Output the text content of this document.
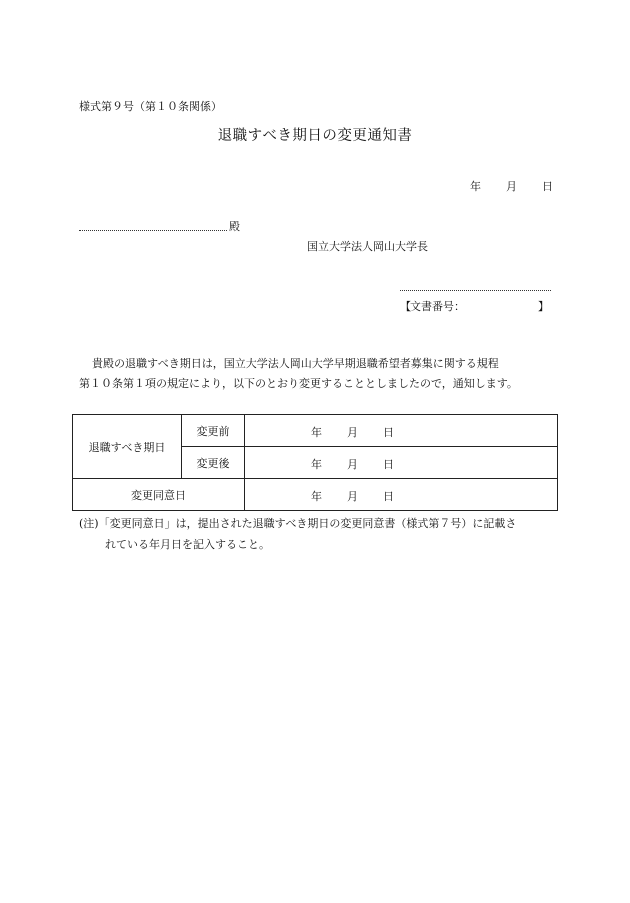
様式第９号（第１０条関係）
退職すべき期日の変更通知書
年 月 日
殿
国立大学法人岡山大学長
【 文書番号：	】
貴殿の退職すべき期日は，国立大学法人岡山大学早期退職希望者募集に関する規程
第１０条第１項の規定により，以下のとおり変更することとしましたので，通知します。
退職すべき期日	変更前	年 月 日

	変更後	年 月 日

変更同意日		年 月 日
(注)「変更同意日」は，提出された退職すべき期日の変更同意書（様式第７号）に記載さ
れている年月日を記入すること。
